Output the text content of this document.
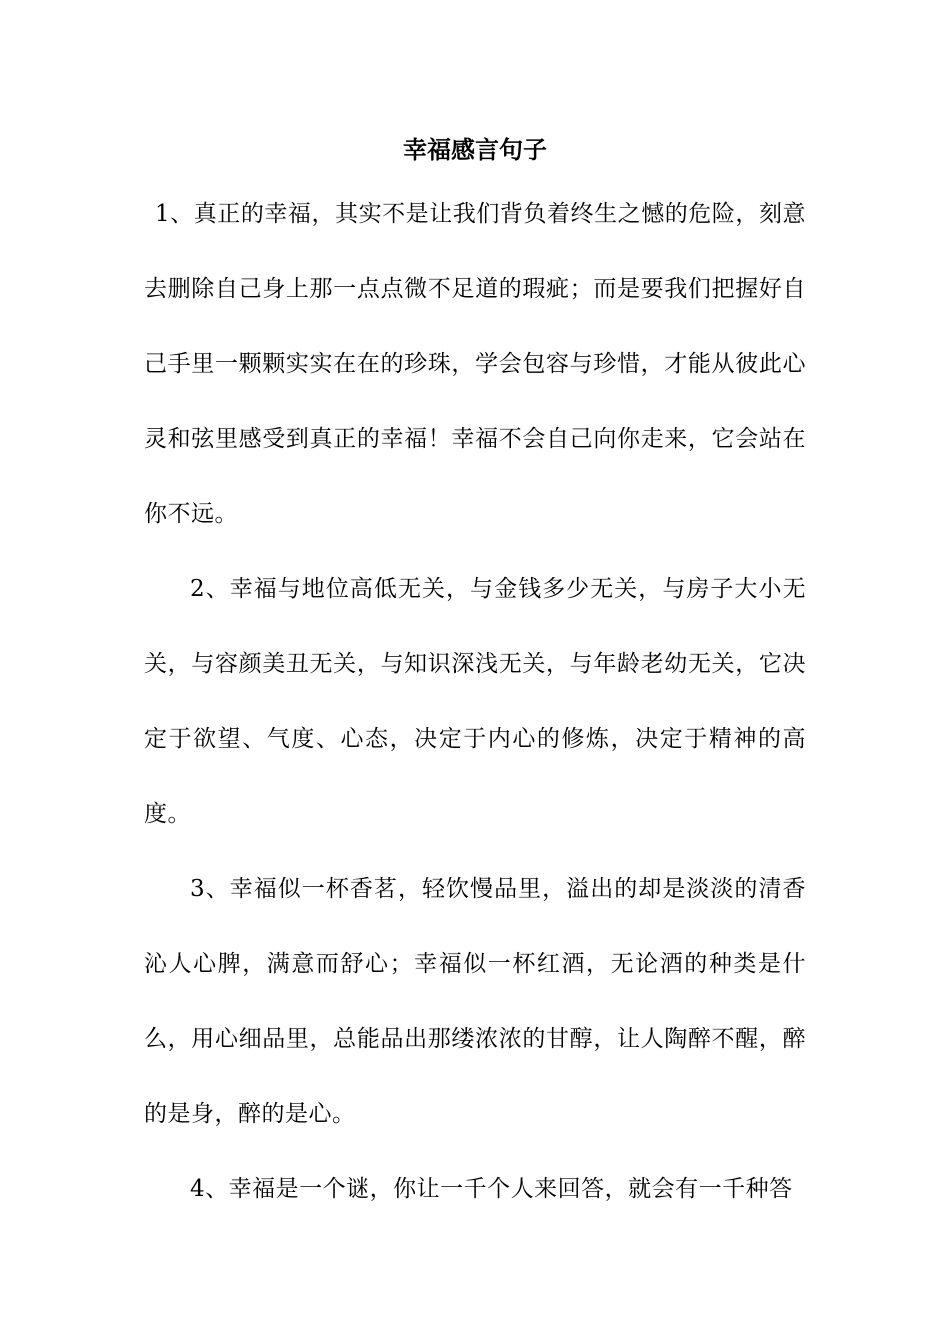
幸福感言句子

1、真正的幸福，其实不是让我们背负着终生之憾的危险，刻意去删除自己身上那一点点微不足道的瑕疵；而是要我们把握好自己手里一颗颗实实在在的珍珠，学会包容与珍惜，才能从彼此心灵和弦里感受到真正的幸福！幸福不会自己向你走来，它会站在你不远。

2、幸福与地位高低无关，与金钱多少无关，与房子大小无关，与容颜美丑无关，与知识深浅无关，与年龄老幼无关，它决定于欲望、气度、心态，决定于内心的修炼，决定于精神的高度。

3、幸福似一杯香茗，轻饮慢品里，溢出的却是淡淡的清香沁人心脾，满意而舒心；幸福似一杯红酒，无论酒的种类是什么，用心细品里，总能品出那缕浓浓的甘醇，让人陶醉不醒，醉的是身，醉的是心。

4、幸福是一个谜，你让一千个人来回答，就会有一千种答
